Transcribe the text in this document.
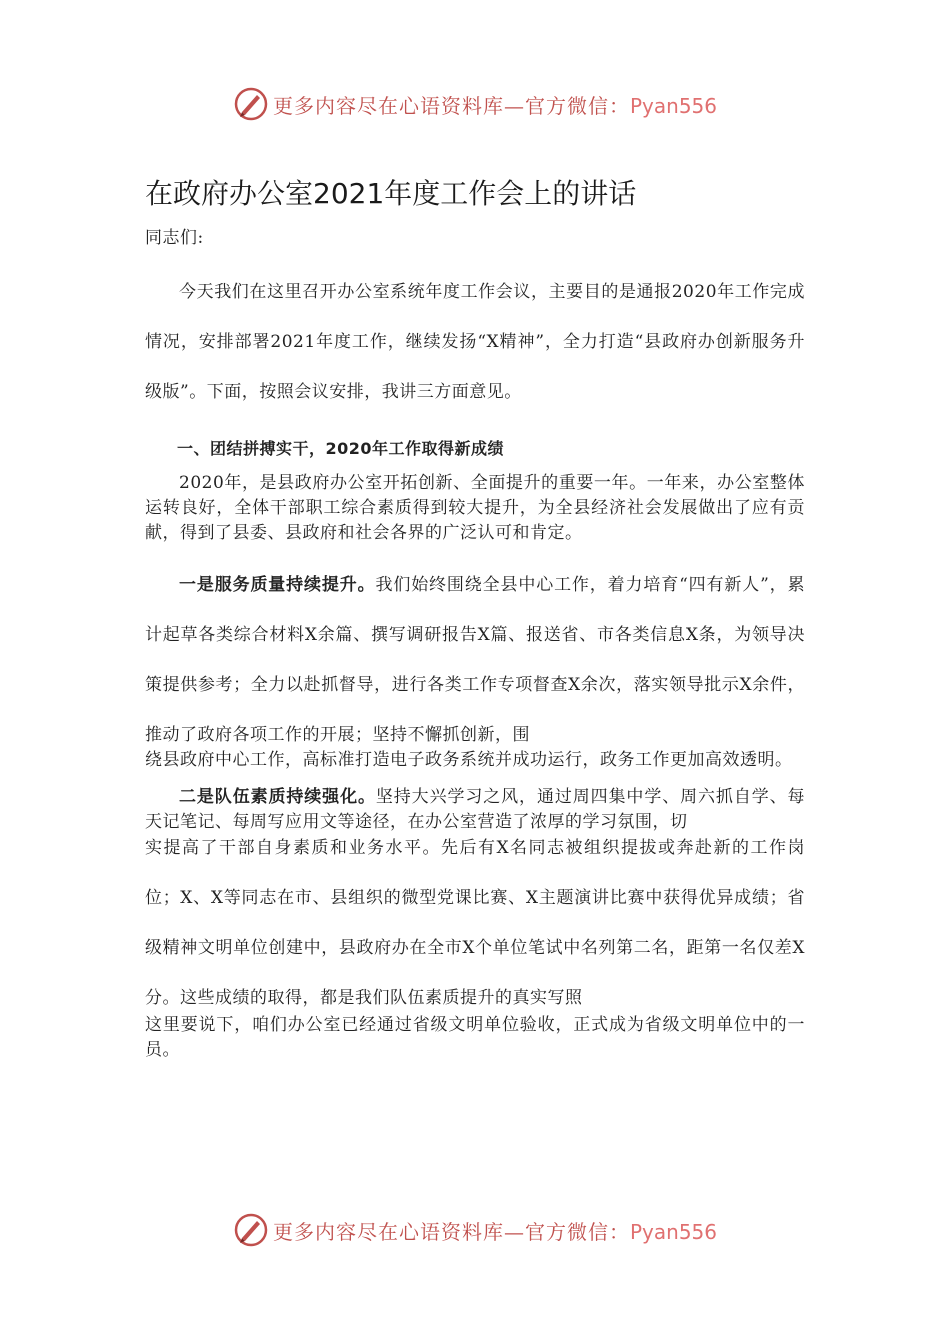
更多内容尽在心语资料库—官方微信：Pyan556
在政府办公室2021年度工作会上的讲话

同志们:

今天我们在这里召开办公室系统年度工作会议，主要目的是通报2020年工作完成情况，安排部署2021年度工作，继续发扬“X精神”，全力打造“县政府办创新服务升级版”。下面，按照会议安排，我讲三方面意见。

一、团结拼搏实干，2020年工作取得新成绩

2020年，是县政府办公室开拓创新、全面提升的重要一年。一年来，办公室整体运转良好，全体干部职工综合素质得到较大提升，为全县经济社会发展做出了应有贡献，得到了县委、县政府和社会各界的广泛认可和肯定。

一是服务质量持续提升。我们始终围绕全县中心工作，着力培育“四有新人”，累计起草各类综合材料X余篇、撰写调研报告X篇、报送省、市各类信息X条，为领导决策提供参考；全力以赴抓督导，进行各类工作专项督查X余次，落实领导批示X余件，推动了政府各项工作的开展；坚持不懈抓创新，围

绕县政府中心工作，高标准打造电子政务系统并成功运行，政务工作更加高效透明。

二是队伍素质持续强化。坚持大兴学习之风，通过周四集中学、周六抓自学、每天记笔记、每周写应用文等途径，在办公室营造了浓厚的学习氛围，切

实提高了干部自身素质和业务水平。先后有X名同志被组织提拔或奔赴新的工作岗位；X、X等同志在市、县组织的微型党课比赛、X主题演讲比赛中获得优异成绩；省级精神文明单位创建中，县政府办在全市X个单位笔试中名列第二名，距第一名仅差X分。这些成绩的取得，都是我们队伍素质提升的真实写照

这里要说下，咱们办公室已经通过省级文明单位验收，正式成为省级文明单位中的一员。

更多内容尽在心语资料库—官方微信：Pyan556
